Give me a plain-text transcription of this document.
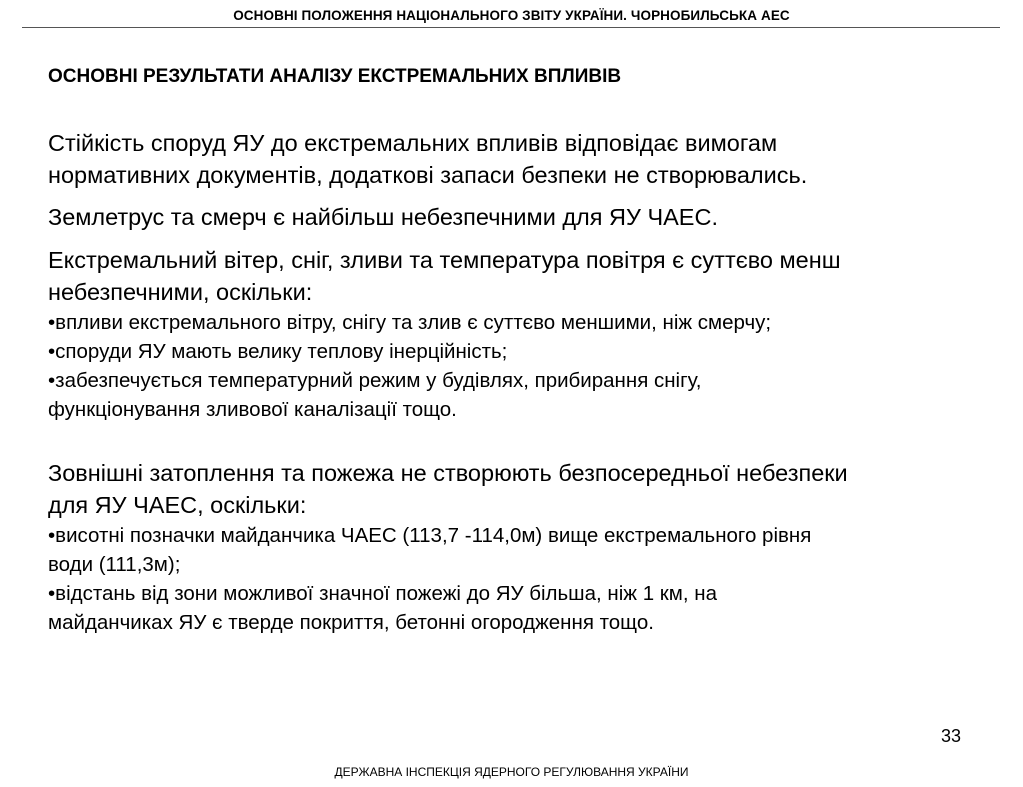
ОСНОВНІ ПОЛОЖЕННЯ НАЦІОНАЛЬНОГО ЗВІТУ УКРАЇНИ. ЧОРНОБИЛЬСЬКА АЕС
ОСНОВНІ РЕЗУЛЬТАТИ АНАЛІЗУ ЕКСТРЕМАЛЬНИХ ВПЛИВІВ

Стійкість споруд ЯУ до екстремальних впливів відповідає вимогам

нормативних документів, додаткові запаси безпеки не створювались.

Землетрус та смерч є найбільш небезпечними для ЯУ ЧАЕС.

Екстремальний вітер, сніг, зливи та температура повітря є суттєво менш

небезпечними, оскільки:

•впливи екстремального вітру, снігу та злив є суттєво меншими, ніж смерчу;

•споруди ЯУ мають велику теплову інерційність;

•забезпечується температурний режим у будівлях, прибирання снігу,

функціонування зливової каналізації тощо.

Зовнішні затоплення та пожежа не створюють безпосередньої небезпеки

для ЯУ ЧАЕС, оскільки:

•висотні позначки майданчика ЧАЕС (113,7 -114,0м) вище екстремального рівня

води (111,3м);

•відстань від зони можливої значної пожежі до ЯУ більша, ніж 1 км, на

майданчиках ЯУ є тверде покриття, бетонні огородження тощо.

33
ДЕРЖАВНА ІНСПЕКЦІЯ ЯДЕРНОГО РЕГУЛЮВАННЯ УКРАЇНИ
